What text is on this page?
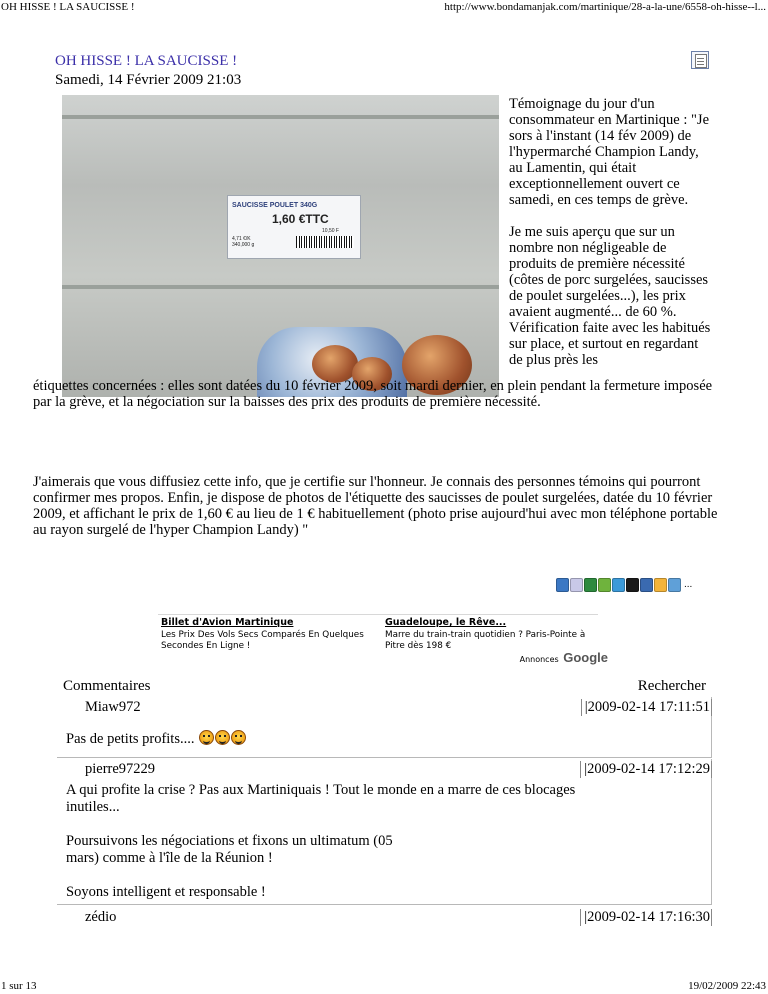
OH HISSE ! LA SAUCISSE !	http://www.bondamanjak.com/martinique/28-a-la-une/6558-oh-hisse--l...
OH HISSE ! LA SAUCISSE !
Samedi, 14 Février 2009 21:03
SAUCISSE POULET 340G
1,60 €TTC
10,50 F
4,71 €/K
340,000 g
Témoignage du jour d'un consommateur en Martinique : "Je sors à l'instant (14 fév 2009) de l'hypermarché Champion Landy, au Lamentin, qui était exceptionnellement ouvert ce samedi, en ces temps de grève.
Je me suis aperçu que sur un nombre non négligeable de produits de première nécessité (côtes de porc surgelées, saucisses de poulet surgelées...), les prix avaient augmenté... de 60 %. Vérification faite avec les habitués sur place, et surtout en regardant de plus près les
étiquettes concernées : elles sont datées du 10 février 2009, soit mardi dernier, en plein pendant la fermeture imposée par la grève, et la négociation sur la baisses des prix des produits de première nécessité.
J'aimerais que vous diffusiez cette info, que je certifie sur l'honneur. Je connais des personnes témoins qui pourront confirmer mes propos. Enfin, je dispose de photos de l'étiquette des saucisses de poulet surgelées, datée du 10 février 2009, et affichant le prix de 1,60 € au lieu de 1 € habituellement (photo prise aujourd'hui avec mon téléphone portable au rayon surgelé de l'hyper Champion Landy) "
...
Billet d'Avion Martinique
Les Prix Des Vols Secs Comparés En Quelques Secondes En Ligne !
Guadeloupe, le Rêve...
Marre du train-train quotidien ? Paris-Pointe à Pitre dès 198 €
Annonces Google
Commentaires	Rechercher
Miaw972	|2009-02-14 17:11:51
Pas de petits profits....
pierre97229	|2009-02-14 17:12:29
A qui profite la crise ? Pas aux Martiniquais ! Tout le monde en a marre de ces blocages inutiles...
Poursuivons les négociations et fixons un ultimatum (05 mars) comme à l'île de la Réunion !
Soyons intelligent et responsable !
zédio	|2009-02-14 17:16:30
1 sur 13	19/02/2009 22:43
